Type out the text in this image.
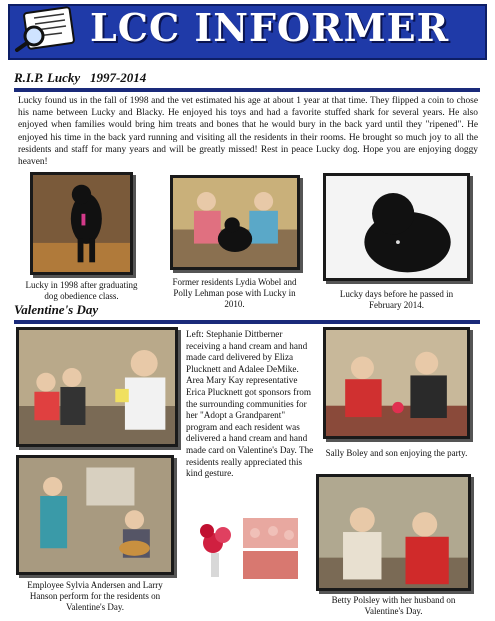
LCC INFORMER
R.I.P. Lucky   1997-2014
Lucky found us in the fall of 1998 and the vet estimated his age at about 1 year at that time. They flipped a coin to chose his name between Lucky and Blacky. He enjoyed his toys and had a favorite stuffed shark for several years. He also enjoyed when families would bring him treats and bones that he would bury in the back yard until they "ripened". He enjoyed his time in the back yard running and visiting all the residents in their rooms. He brought so much joy to all the residents and staff for many years and will be greatly missed! Rest in peace Lucky dog. Hope you are enjoying doggy heaven!
Lucky in 1998 after graduating dog obedience class.
Former residents Lydia Wobel and Polly Lehman pose with Lucky in 2010.
Lucky days before he passed in February 2014.
Valentine's Day
Left: Stephanie Dittberner receiving a hand cream and hand made card delivered by Eliza Plucknett and Adalee DeMike. Area Mary Kay representative Erica Plucknett got sponsors from the surrounding communities for her "Adopt a Grandparent" program and each resident was delivered a hand cream and hand made card on Valentine's Day. The residents really appreciated this kind gesture.
Sally Boley and son enjoying the party.
Employee Sylvia Andersen and Larry Hanson perform for the residents on Valentine's Day.
Betty Polsley with her husband on Valentine's Day.
